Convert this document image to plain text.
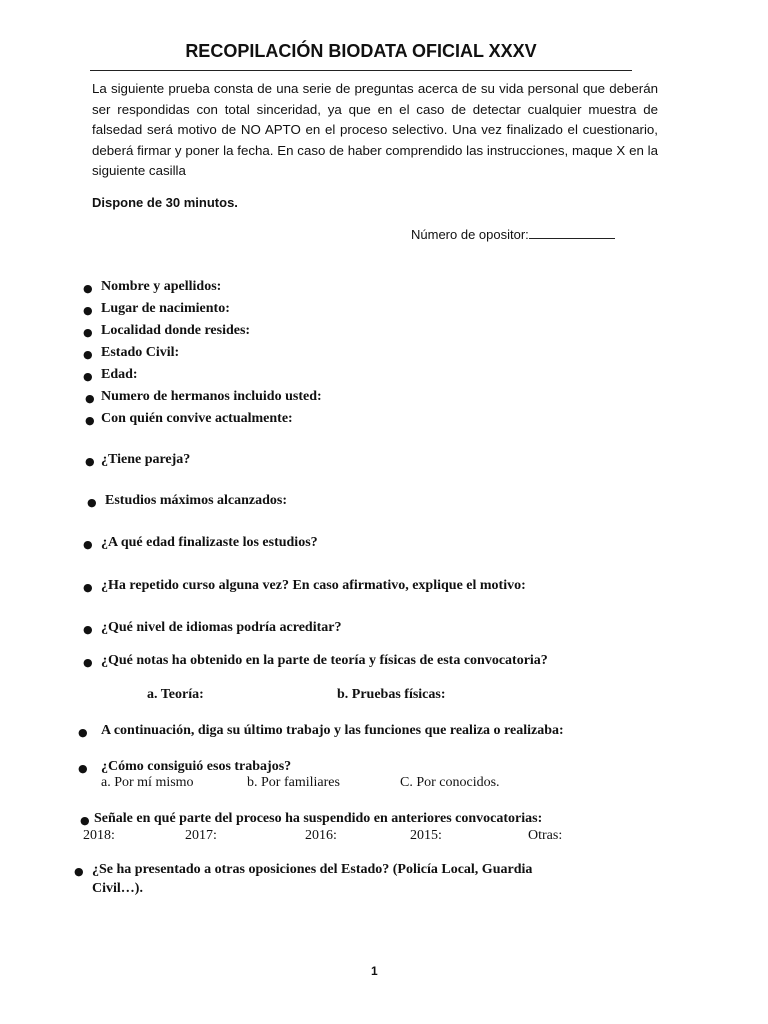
RECOPILACIÓN BIODATA OFICIAL XXXV
La siguiente prueba consta de una serie de preguntas acerca de su vida personal que deberán ser respondidas con total sinceridad, ya que en el caso de detectar cualquier muestra de falsedad será motivo de NO APTO en el proceso selectivo. Una vez finalizado el cuestionario, deberá firmar y poner la fecha. En caso de haber comprendido las instrucciones, maque X en la siguiente casilla
Dispone de 30 minutos.
Número de opositor:
● Nombre y apellidos:
● Lugar de nacimiento:
● Localidad donde resides:
● Estado Civil:
● Edad:
● Numero de hermanos incluido usted:
● Con quién convive actualmente:
● ¿Tiene pareja?
● Estudios máximos alcanzados:
● ¿A qué edad finalizaste los estudios?
● ¿Ha repetido curso alguna vez? En caso afirmativo, explique el motivo:
● ¿Qué nivel de idiomas podría acreditar?
● ¿Qué notas ha obtenido en la parte de teoría y físicas de esta convocatoria?
a. Teoría:	b. Pruebas físicas:
● A continuación, diga su último trabajo y las funciones que realiza o realizaba:
● ¿Cómo consiguió esos trabajos?
a. Por mí mismo	b. Por familiares	C. Por conocidos.
● Señale en qué parte del proceso ha suspendido en anteriores convocatorias:
2018:	2017:	2016:	2015:	Otras:
● ¿Se ha presentado a otras oposiciones del Estado? (Policía Local, Guardia
Civil…).
1
